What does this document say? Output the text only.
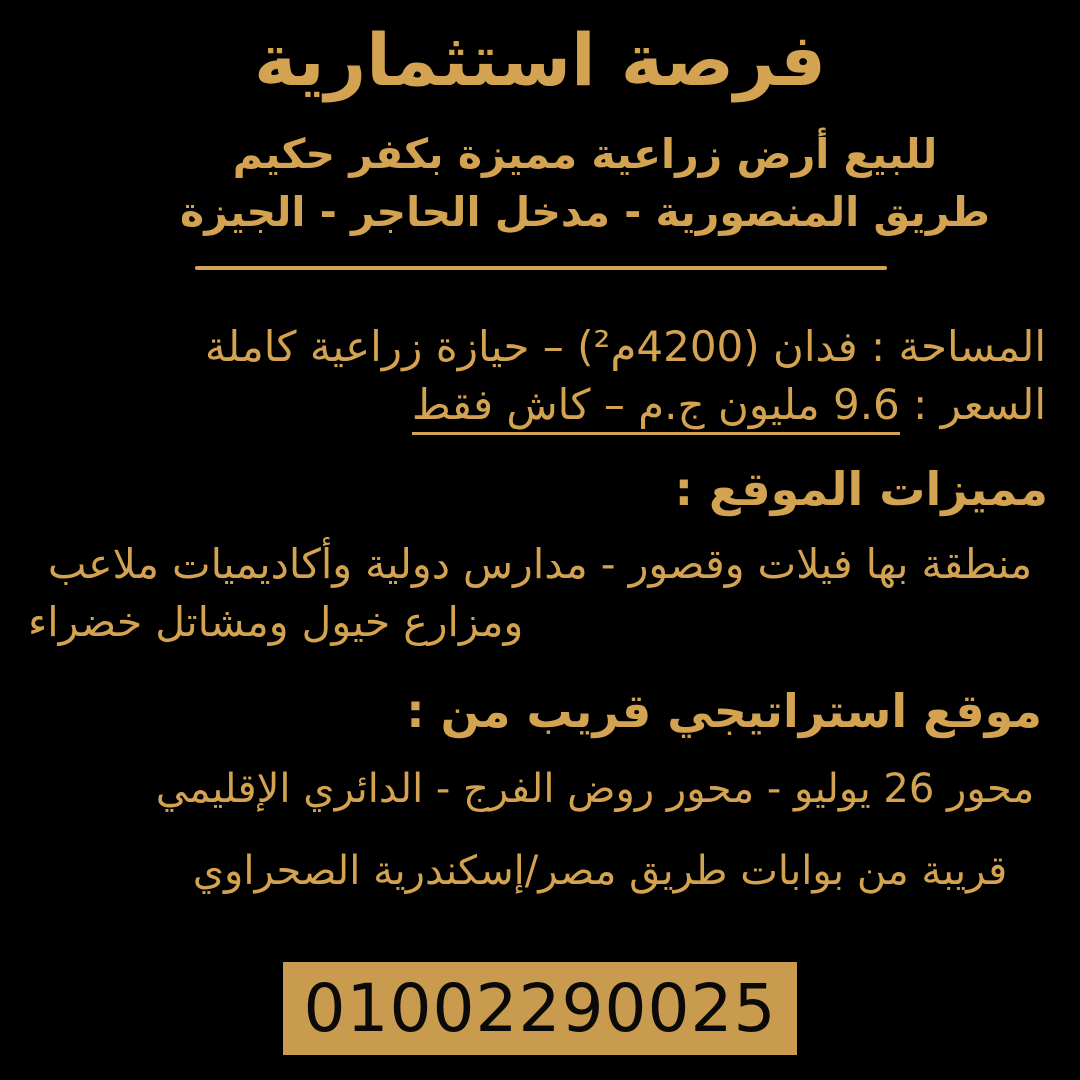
فرصة استثمارية
للبيع أرض زراعية مميزة بكفر حكيم
طريق المنصورية - مدخل الحاجر - الجيزة
المساحة : فدان (4200م²) – حيازة زراعية كاملة
السعر : 9.6 مليون ج.م – كاش فقط
مميزات الموقع :
منطقة بها فيلات وقصور - مدارس دولية وأكاديميات ملاعب
ومزارع خيول ومشاتل خضراء
موقع استراتيجي قريب من :
محور 26 يوليو - محور روض الفرج - الدائري الإقليمي
قريبة من بوابات طريق مصر/إسكندرية الصحراوي
01002290025
